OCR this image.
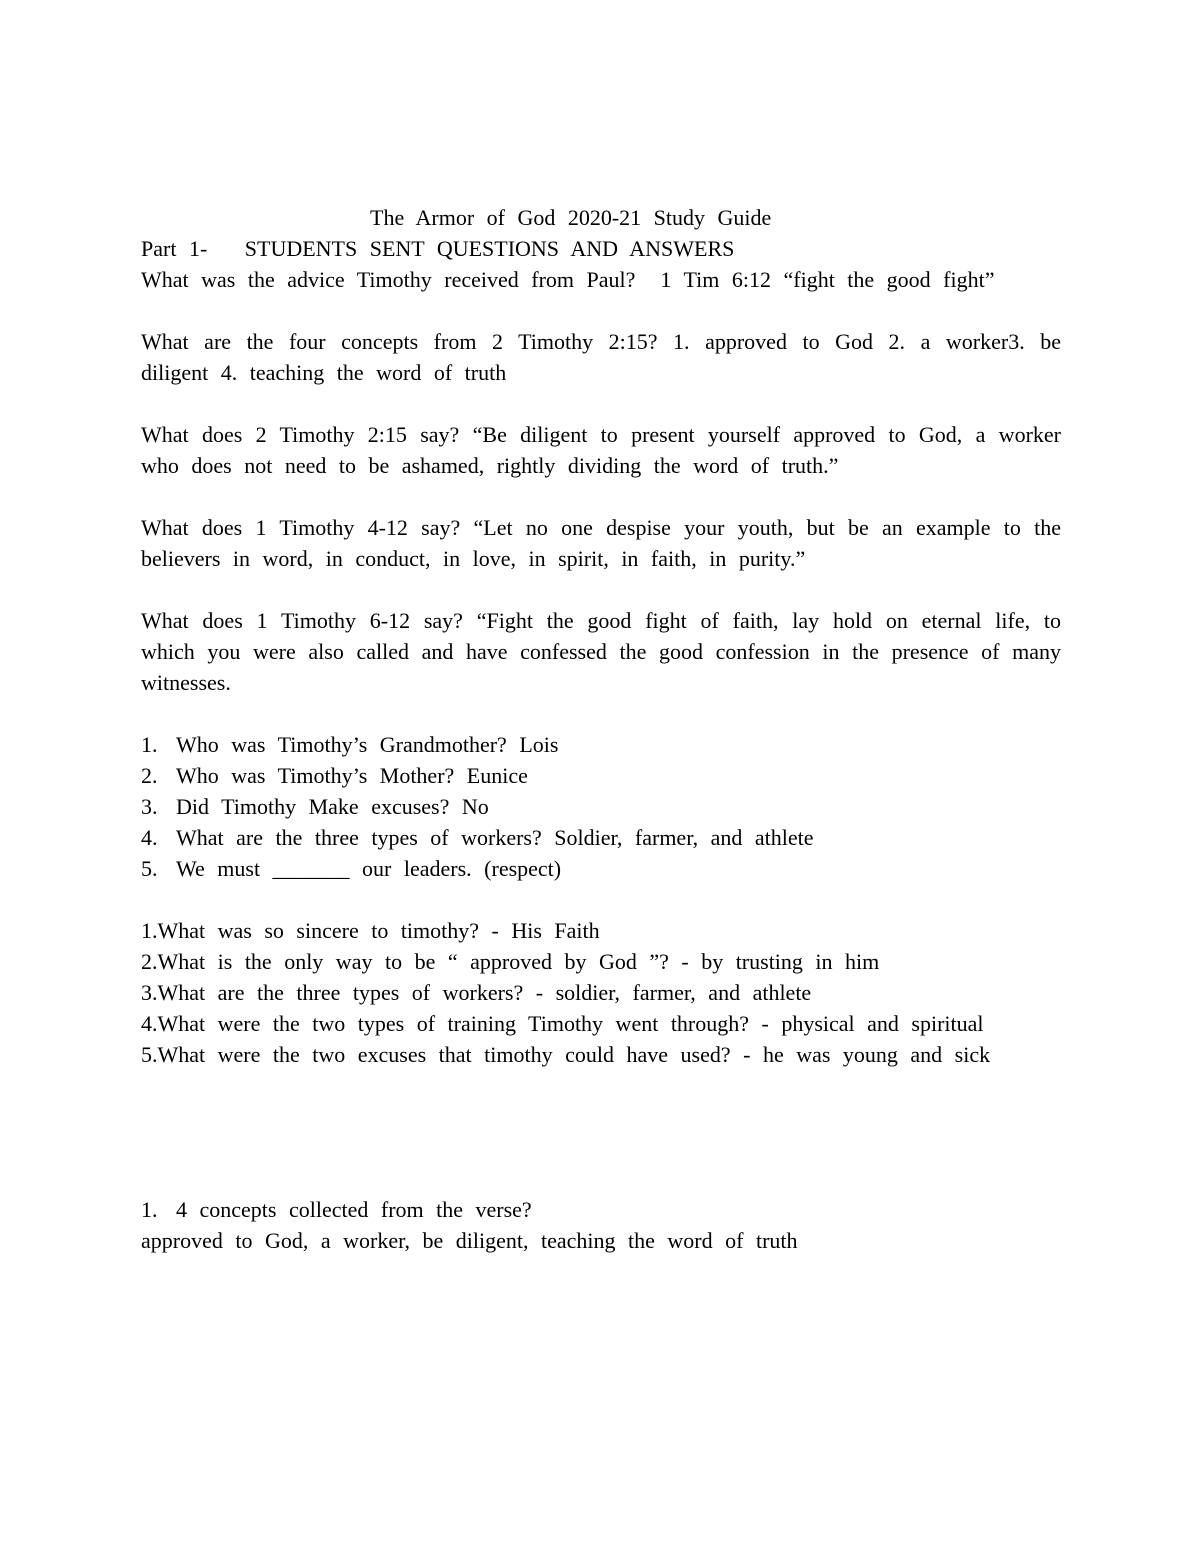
The Armor of God 2020-21 Study Guide
Part 1-   STUDENTS SENT QUESTIONS AND ANSWERS
What was the advice Timothy received from Paul?  1 Tim 6:12 “fight the good fight”
What are the four concepts from 2 Timothy 2:15? 1. approved to God 2. a worker3. be diligent 4. teaching the word of truth
What does 2 Timothy 2:15 say? “Be diligent to present yourself approved to God, a worker who does not need to be ashamed, rightly dividing the word of truth.”
What does 1 Timothy 4-12 say? “Let no one despise your youth, but be an example to the believers in word, in conduct, in love, in spirit, in faith, in purity.”
What does 1 Timothy 6-12 say? “Fight the good fight of faith, lay hold on eternal life, to which you were also called and have confessed the good confession in the presence of many witnesses.
1. Who was Timothy’s Grandmother? Lois
2. Who was Timothy’s Mother? Eunice
3. Did Timothy Make excuses? No
4. What are the three types of workers? Soldier, farmer, and athlete
5. We must _______ our leaders. (respect)
1.What was so sincere to timothy? - His Faith
2.What is the only way to be “ approved by God ”? - by trusting in him
3.What are the three types of workers? - soldier, farmer, and athlete
4.What were the two types of training Timothy went through? - physical and spiritual
5.What were the two excuses that timothy could have used? - he was young and sick
1. 4 concepts collected from the verse?
approved to God, a worker, be diligent, teaching the word of truth
